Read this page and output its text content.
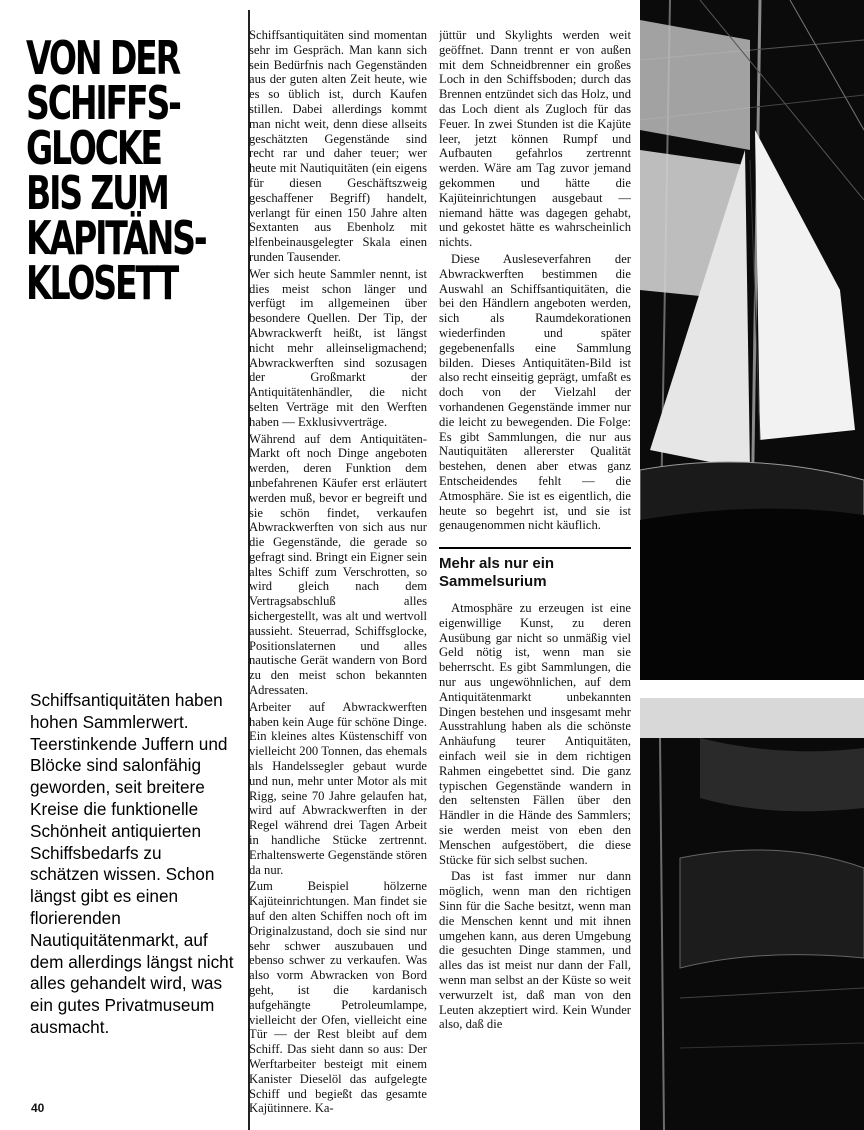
VON DER
SCHIFFS-
GLOCKE
BIS ZUM
KAPITÄNS-
KLOSETT

Schiffsantiquitäten haben hohen Sammlerwert. Teerstinkende Juffern und Blöcke sind salonfähig geworden, seit breitere Kreise die funktionelle Schönheit antiquierten Schiffsbedarfs zu schätzen wissen. Schon längst gibt es einen florierenden Nautiquitätenmarkt, auf dem allerdings längst nicht alles gehandelt wird, was ein gutes Privatmuseum ausmacht.

40

Schiffsantiquitäten sind momentan sehr im Gespräch. Man kann sich sein Bedürfnis nach Gegenständen aus der guten alten Zeit heute, wie es so üblich ist, durch Kaufen stillen. Dabei allerdings kommt man nicht weit, denn diese allseits geschätzten Gegenstände sind recht rar und daher teuer; wer heute mit Nautiquitäten (ein eigens für diesen Geschäftszweig geschaffener Begriff) handelt, verlangt für einen 150 Jahre alten Sextanten aus Ebenholz mit elfenbeinausgelegter Skala einen runden Tausender.

Wer sich heute Sammler nennt, ist dies meist schon länger und verfügt im allgemeinen über besondere Quellen. Der Tip, der Abwrackwerft heißt, ist längst nicht mehr alleinseligmachend; Abwrackwerften sind sozusagen der Großmarkt der Antiquitätenhändler, die nicht selten Verträge mit den Werften haben — Exklusivverträge.

Während auf dem Antiquitäten-Markt oft noch Dinge angeboten werden, deren Funktion dem unbefahrenen Käufer erst erläutert werden muß, bevor er begreift und sie schön findet, verkaufen Abwrackwerften von sich aus nur die Gegenstände, die gerade so gefragt sind. Bringt ein Eigner sein altes Schiff zum Verschrotten, so wird gleich nach dem Vertragsabschluß alles sichergestellt, was alt und wertvoll aussieht. Steuerrad, Schiffsglocke, Positionslaternen und alles nautische Gerät wandern von Bord zu den meist schon bekannten Adressaten.

Arbeiter auf Abwrackwerften haben kein Auge für schöne Dinge. Ein kleines altes Küstenschiff von vielleicht 200 Tonnen, das ehemals als Handelssegler gebaut wurde und nun, mehr unter Motor als mit Rigg, seine 70 Jahre gelaufen hat, wird auf Abwrackwerften in der Regel während drei Tagen Arbeit in handliche Stücke zertrennt. Erhaltenswerte Gegenstände stören da nur.

Zum Beispiel hölzerne Kajüteinrichtungen. Man findet sie auf den alten Schiffen noch oft im Originalzustand, doch sie sind nur sehr schwer auszubauen und ebenso schwer zu verkaufen. Was also vorm Abwracken von Bord geht, ist die kardanisch aufgehängte Petroleumlampe, vielleicht der Ofen, vielleicht eine Tür — der Rest bleibt auf dem Schiff. Das sieht dann so aus: Der Werftarbeiter besteigt mit einem Kanister Dieselöl das aufgelegte Schiff und begießt das gesamte Kajütinnere. Ka-

jüttür und Skylights werden weit geöffnet. Dann trennt er von außen mit dem Schneidbrenner ein großes Loch in den Schiffsboden; durch das Brennen entzündet sich das Holz, und das Loch dient als Zugloch für das Feuer. In zwei Stunden ist die Kajüte leer, jetzt können Rumpf und Aufbauten gefahrlos zertrennt werden. Wäre am Tag zuvor jemand gekommen und hätte die Kajüteinrichtungen ausgebaut — niemand hätte was dagegen gehabt, und gekostet hätte es wahrscheinlich nichts.

Diese Ausleseverfahren der Abwrackwerften bestimmen die Auswahl an Schiffsantiquitäten, die bei den Händlern angeboten werden, sich als Raumdekorationen wiederfinden und später gegebenenfalls eine Sammlung bilden. Dieses Antiquitäten-Bild ist also recht einseitig geprägt, umfaßt es doch von der Vielzahl der vorhandenen Gegenstände immer nur die leicht zu bewegenden. Die Folge: Es gibt Sammlungen, die nur aus Nautiquitäten allererster Qualität bestehen, denen aber etwas ganz Entscheidendes fehlt — die Atmosphäre. Sie ist es eigentlich, die heute so begehrt ist, und sie ist genaugenommen nicht käuflich.

Mehr als nur ein Sammelsurium

Atmosphäre zu erzeugen ist eine eigenwillige Kunst, zu deren Ausübung gar nicht so unmäßig viel Geld nötig ist, wenn man sie beherrscht. Es gibt Sammlungen, die nur aus ungewöhnlichen, auf dem Antiquitätenmarkt unbekannten Dingen bestehen und insgesamt mehr Ausstrahlung haben als die schönste Anhäufung teurer Antiquitäten, einfach weil sie in dem richtigen Rahmen eingebettet sind. Die ganz typischen Gegenstände wandern in den seltensten Fällen über den Händler in die Hände des Sammlers; sie werden meist von eben den Menschen aufgestöbert, die diese Stücke für sich selbst suchen.

Das ist fast immer nur dann möglich, wenn man den richtigen Sinn für die Sache besitzt, wenn man die Menschen kennt und mit ihnen umgehen kann, aus deren Umgebung die gesuchten Dinge stammen, und alles das ist meist nur dann der Fall, wenn man selbst an der Küste so weit verwurzelt ist, daß man von den Leuten akzeptiert wird. Kein Wunder also, daß die
